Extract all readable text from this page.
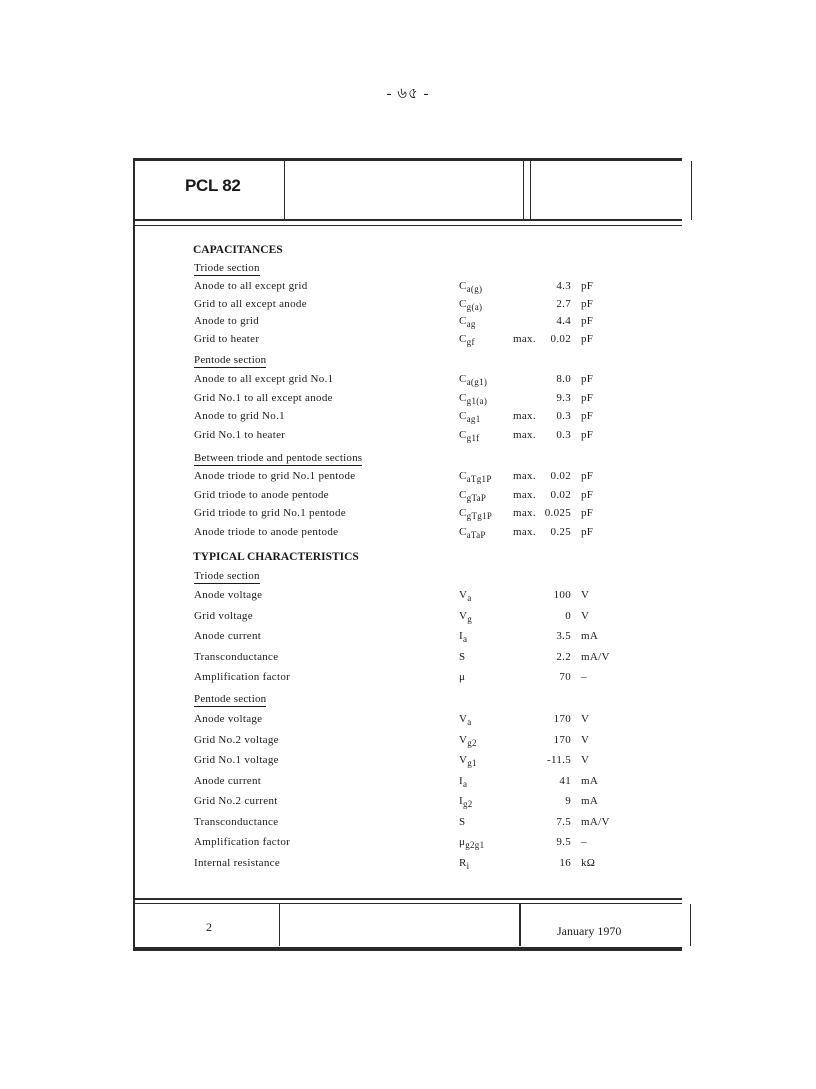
- ৬৫ -
PCL 82
CAPACITANCES
Triode section
Anode to all except grid	$C_{a(g)}$	4.3 pF
Grid to all except anode	$C_{g(a)}$	2.7 pF
Anode to grid	$C_{ag}$	4.4 pF
Grid to heater	$C_{gf}$	max. 0.02 pF
Pentode section
Anode to all except grid No.1	$C_{a(g1)}$	8.0 pF
Grid No.1 to all except anode	$C_{g1(a)}$	9.3 pF
Anode to grid No.1	$C_{ag1}$	max. 0.3 pF
Grid No.1 to heater	$C_{g1f}$	max. 0.3 pF
Between triode and pentode sections
Anode triode to grid No.1 pentode	$C_{aTg1P}$ max. 0.02 pF
Grid triode to anode pentode	$C_{gTaP}$ max. 0.02 pF
Grid triode to grid No.1 pentode	$C_{gTg1P}$ max. 0.025 pF
Anode triode to anode pentode	$C_{aTaP}$ max. 0.25 pF
TYPICAL CHARACTERISTICS
Triode section
Anode voltage	$V_a$	100 V
Grid voltage	$V_g$	0 V
Anode current	$I_a$	3.5 mA
Transconductance	S	2.2 mA/V
Amplification factor	μ	70 –
Pentode section
Anode voltage	$V_a$	170 V
Grid No.2 voltage	$V_{g2}$	170 V
Grid No.1 voltage	$V_{g1}$	-11.5 V
Anode current	$I_a$	41 mA
Grid No.2 current	$I_{g2}$	9 mA
Transconductance	S	7.5 mA/V
Amplification factor	$\mu_{g2g1}$	9.5 –
Internal resistance	$R_i$	16 kΩ
2	January 1970
